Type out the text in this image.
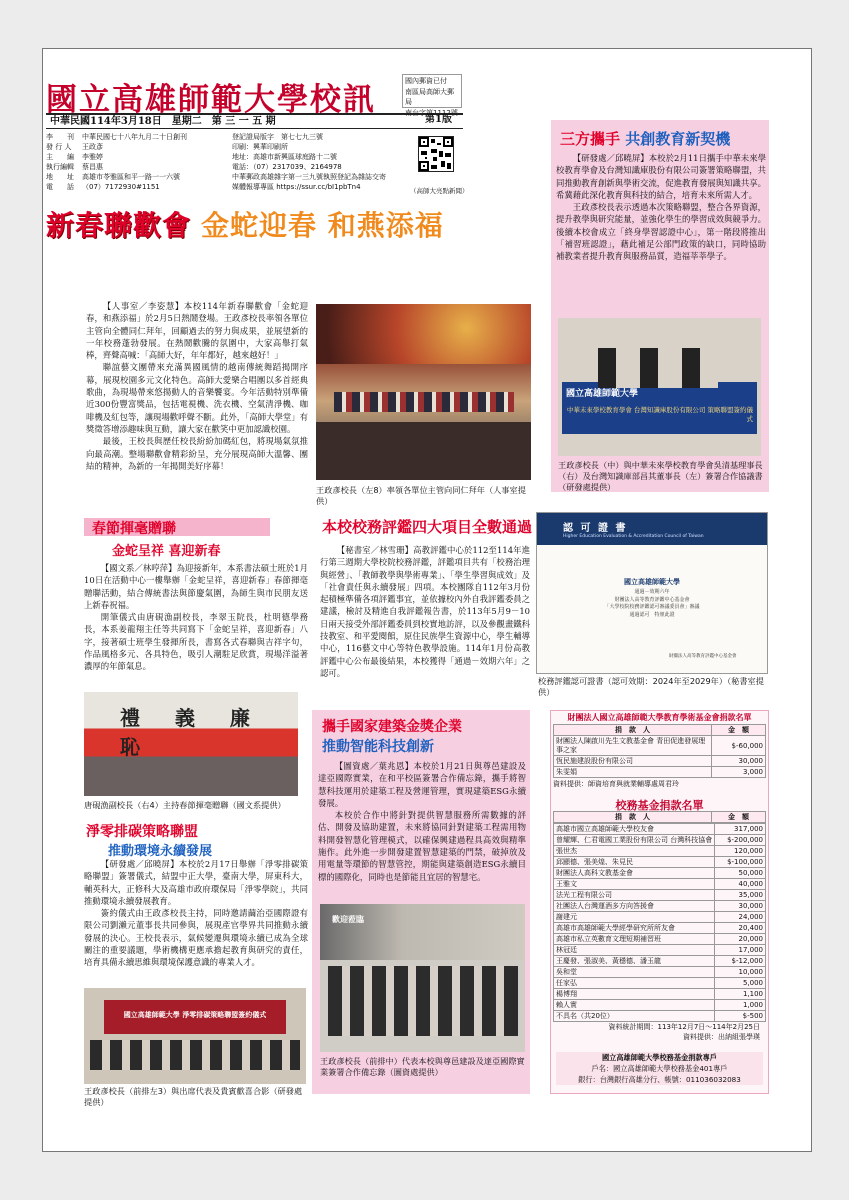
國立高雄師範大學校訊
國內郵資已付
南區局高師大郵局
南台字第1112號
中華民國114年3月18日　星期二　第 三 一 五 期	第1版
李　　刊	中華民國七十八年九月二十日創刊	登記證局版字　第七七九三號
發 行 人	王政彥	印刷：興華印刷所
主　　編	李雅婷	地址：高雄市新興區球庭路十二號
執行編輯	蔡昌惠	電話：（07）2317039、2164978
地　　址	高雄市苓雅區和平一路一一六號	中華郵政高雄雜字第一三九號執照登記為雜誌交寄
電　　話	（07）7172930#1151	媒體報導專區 https://ssur.cc/bI1pbTn4	（高師大亮點新聞）
新春聯歡會 金蛇迎春 和燕添福

【人事室／李姿慧】本校114年新春聯歡會「金蛇迎春，和燕添福」於2月5日熱鬧登場。王政彥校長率領各單位主管向全體同仁拜年，回顧過去的努力與成果，並展望新的一年校務蓬勃發展。在熱鬧歡騰的氛圍中，大家高舉打氣棒，齊聲高喊：「高師大好，年年都好，越來越好！」

聯誼藝文團帶來充滿異國風情的越南傳統舞蹈揭開序幕，展現校園多元文化特色。高師大愛樂合唱團以多首經典歌曲，為現場帶來悠揚動人的音樂饗宴。今年活動特別準備近300份豐富獎品，包括電視機、洗衣機、空氣清淨機、咖啡機及紅包等，讓現場歡呼聲不斷。此外，「高師大學堂」有獎徵答增添趣味與互動，讓大家在歡笑中更加認識校園。

最後，王校長與歷任校長紛紛加碼紅包，將現場氣氛推向最高潮。整場聯歡會精彩紛呈，充分展現高師大溫馨、團結的精神，為新的一年揭開美好序幕！

王政彥校長（左8）率領各單位主管向同仁拜年（人事室提供）
三方攜手 共創教育新契機

【研發處／邱曉屏】本校於2月11日攜手中華未來學校教育學會及台灣知識庫股份有限公司簽署策略聯盟，共同推動教育創新與學術交流，促進教育發展與知識共享。希冀藉此深化教育與科技的結合，培育未來所需人才。

王政彥校長表示透過本次策略聯盟，整合各界資源，提升教學與研究能量，並強化學生的學習成效與競爭力。後續本校會成立「終身學習認證中心」，第一階段將推出「補習班認證」，藉此補足公部門政策的缺口，同時協助補教業者提升教育與服務品質，造福莘莘學子。

國立高雄師範大學
中華未來學校教育學會 台灣知識庫股份有限公司 策略聯盟簽約儀式
王政彥校長（中）與中華未來學校教育學會吳清基理事長（右）及台灣知識庫部昌其董事長（左）簽署合作協議書（研發處提供）
春節揮毫贈聯
金蛇呈祥 喜迎新春

【國文系／林哼萍】為迎接新年，本系書法碩士班於1月10日在活動中心一樓舉辦「金蛇呈祥，喜迎新春」春節揮毫贈聯活動，結合傳統書法與節慶氣圍，為師生與市民朋友送上新春祝福。

開筆儀式由唐硯漁副校長，李翠玉院長，杜明德學務長，本系姜龍翔主任等共同寫下「金蛇呈祥，喜迎新春」八字，接著碩士班學生發揮所長，書寫各式春聯與吉祥字句，作品風格多元、各具特色，吸引人潮駐足欣賞，現場洋溢著濃厚的年節氣息。

禮 義 廉 恥
唐硯漁副校長（右4）主持春節揮毫贈聯（國文系提供）
淨零排碳策略聯盟
推動環境永續發展

【研發處／邱曉屏】本校於2月17日舉辦「淨零排碳策略聯盟」簽署儀式，結盟中正大學，臺南大學，屏東科大，輔英科大，正修科大及高雄市政府環保局「淨零學院」，共同推動環境永續發展教育。

簽約儀式由王政彥校長主持，同時邀請繭治亞國際證有限公司劉瀨元董事長共同參與，展現產官學界共同推動永續發展的決心。王校長表示，氣候變遷與環境永續已成為全球關注的重要議題，學術機構更應承擔起教育與研究的責任，培育具備永續思維與環境保護意識的專業人才。

國立高雄師範大學 淨零排碳策略聯盟簽約儀式
王政彥校長（前排左3）與出席代表及貴賓歡喜合影（研發處提供）
本校校務評鑑四大項目全數通過

【秘書室／林雪珊】高教評鑑中心於112至114年進行第三週期大學校院校務評鑑，評鑑項目共有「校務治理與經營」、「教師教學與學術專業」、「學生學習與成效」及「社會責任與永續發展」四項。本校團隊自112年3月份起積極準備各項評鑑事宜，並依據校內外自我評鑑委員之建議，檢討及精進自我評鑑報告書，於113年5月9－10日兩天接受外部評鑑委員到校實地訪評，以及參觀畫鐵科技教室、和平愛閱館，原住民族學生資源中心，學生輔導中心，116藝文中心等特色教學設施。114年1月份高教評鑑中心公布最後結果，本校獲得「通過－效期六年」之認可。

認 可 證 書
Higher Education Evaluation & Accreditation Council of Taiwan
國立高雄師範大學
通過－效期六年
財團法人高等教育評鑑中心基金會
「大學校院校務評鑑認可審議委員會」審議
通過認可　特頒此證
財團法人高等教育評鑑中心基金會
校務評鑑認可證書（認可效期：2024年至2029年）（秘書室提供）
攜手國家建築金獎企業
推動智能科技創新

【圖資處／葉兆恩】本校於1月21日與尊邑建設及達亞國際實業，在和平校區簽署合作備忘錄，攜手將智慧科技運用於建築工程及營運管理，實現建築ESG永續發展。

本校於合作中將針對提供智慧服務所需數據的評估、開發及協助建置，未來將協同針對建築工程需用物料開發智慧化管理模式，以確保興建過程具高效與精準施作。此外進一步開發建置智慧建築的門禁，破掉放及用電量等環節的智慧管控，期能與建築創造ESG永續目標的國際化，同時也是節能且宜居的智慧宅。

歡迎蒞臨
王政彥校長（前排中）代表本校與尊邑建設及達亞國際實業簽署合作備忘錄（圖資處提供）
財團法人國立高雄師範大學教育學術基金會捐款名單
捐　款　人	金　額
財團法人陳啟川先生文教基金會 青田促進發展理事之家	$-60,000
恆民施建設股份有限公司	30,000
朱雯娟	3,000
資料提供：師資培育與就業輔導處周君玲
校務基金捐款名單
捐　款　人	金　額
高雄市國立高雄師範大學校友會	317,000
曾耀輝、仁君電國工業股份有限公司 台灣科技協會	$-200,000
張世杰	120,000
邱顯德、張美煌、朱見民	$-100,000
財團法人高科文教基金會	50,000
王雅文	40,000
法光工程有限公司	35,000
社團法人台灣運酒多方向答援會	30,000
謝建元	24,000
高雄市高雄師範大學經學研究所所友會	20,400
高雄市私立英數育文理短期補習班	20,000
林冠廷	17,000
王慶發、張淑美、黃穩德、潘玉龍	$-12,000
吳和堂	10,000
任家弘	5,000
楊博翔	1,100
賴人實	1,000
不具名（共20位）	$-500
資料統計期間：113年12月7日～114年2月25日
資料提供：出納組張學瑛
國立高雄師範大學校務基金捐款專戶
戶名：國立高雄師範大學校務基金401專戶
銀行：台灣銀行高雄分行、帳號：011036032083
